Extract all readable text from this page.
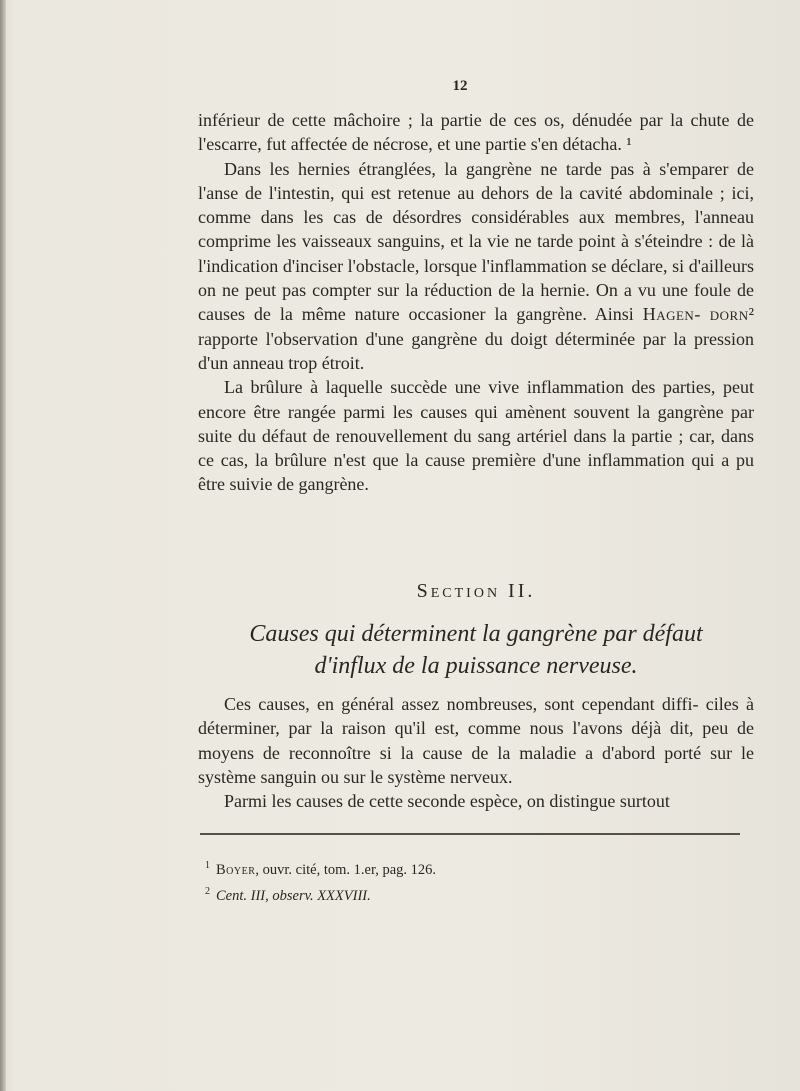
12

inférieur de cette mâchoire ; la partie de ces os, dénudée par la chute de l'escarre, fut affectée de nécrose, et une partie s'en détacha. ¹

Dans les hernies étranglées, la gangrène ne tarde pas à s'emparer de l'anse de l'intestin, qui est retenue au dehors de la cavité abdominale ; ici, comme dans les cas de désordres considérables aux membres, l'anneau comprime les vaisseaux sanguins, et la vie ne tarde point à s'éteindre : de là l'indication d'inciser l'obstacle, lorsque l'inflammation se déclare, si d'ailleurs on ne peut pas compter sur la réduction de la hernie. On a vu une foule de causes de la même nature occasioner la gangrène. Ainsi Hagen- dorn² rapporte l'observation d'une gangrène du doigt déterminée par la pression d'un anneau trop étroit.

La brûlure à laquelle succède une vive inflammation des parties, peut encore être rangée parmi les causes qui amènent souvent la gangrène par suite du défaut de renouvellement du sang artériel dans la partie ; car, dans ce cas, la brûlure n'est que la cause première d'une inflammation qui a pu être suivie de gangrène.

Section II.
Causes qui déterminent la gangrène par défaut
d'influx de la puissance nerveuse.

Ces causes, en général assez nombreuses, sont cependant diffi- ciles à déterminer, par la raison qu'il est, comme nous l'avons déjà dit, peu de moyens de reconnoître si la cause de la maladie a d'abord porté sur le système sanguin ou sur le système nerveux.

Parmi les causes de cette seconde espèce, on distingue surtout

$^1$ Boyer, ouvr. cité, tom. 1.er, pag. 126.

$^2$ Cent. III, observ. XXXVIII.
